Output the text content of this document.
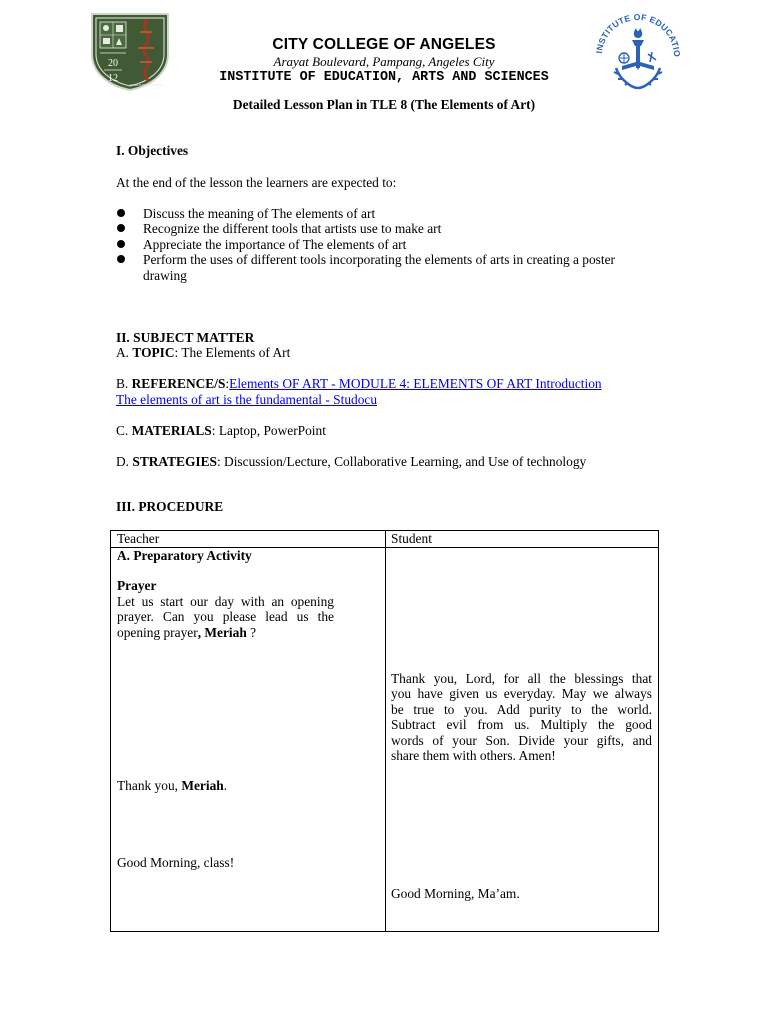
20
12
TOTALIS EXCELLENTIA
INSTITUTE OF EDUCATIO
CITY COLLEGE OF ANGELES
Arayat Boulevard, Pampang, Angeles City
INSTITUTE OF EDUCATION, ARTS AND SCIENCES
Detailed Lesson Plan in TLE 8 (The Elements of Art)
I. Objectives
At the end of the lesson the learners are expected to:
Discuss the meaning of The elements of art
Recognize the different tools that artists use to make art
Appreciate the importance of The elements of art
Perform the uses of different tools incorporating the elements of arts in creating a poster
drawing
II. SUBJECT MATTER
A. TOPIC: The Elements of Art
B. REFERENCE/S:Elements OF ART - MODULE 4: ELEMENTS OF ART Introduction
The elements of art is the fundamental - Studocu
C. MATERIALS: Laptop, PowerPoint
D. STRATEGIES: Discussion/Lecture, Collaborative Learning, and Use of technology
III. PROCEDURE
Teacher	Student
A. Preparatory Activity
Prayer
Let us start our day with an opening
prayer. Can you please lead us the
opening prayer, Meriah ?
Thank you, Meriah.
Good Morning, class!
Thank you, Lord, for all the blessings that
you have given us everyday. May we always
be true to you. Add purity to the world.
Subtract evil from us. Multiply the good
words of your Son. Divide your gifts, and
share them with others. Amen!
Good Morning, Ma’am.
